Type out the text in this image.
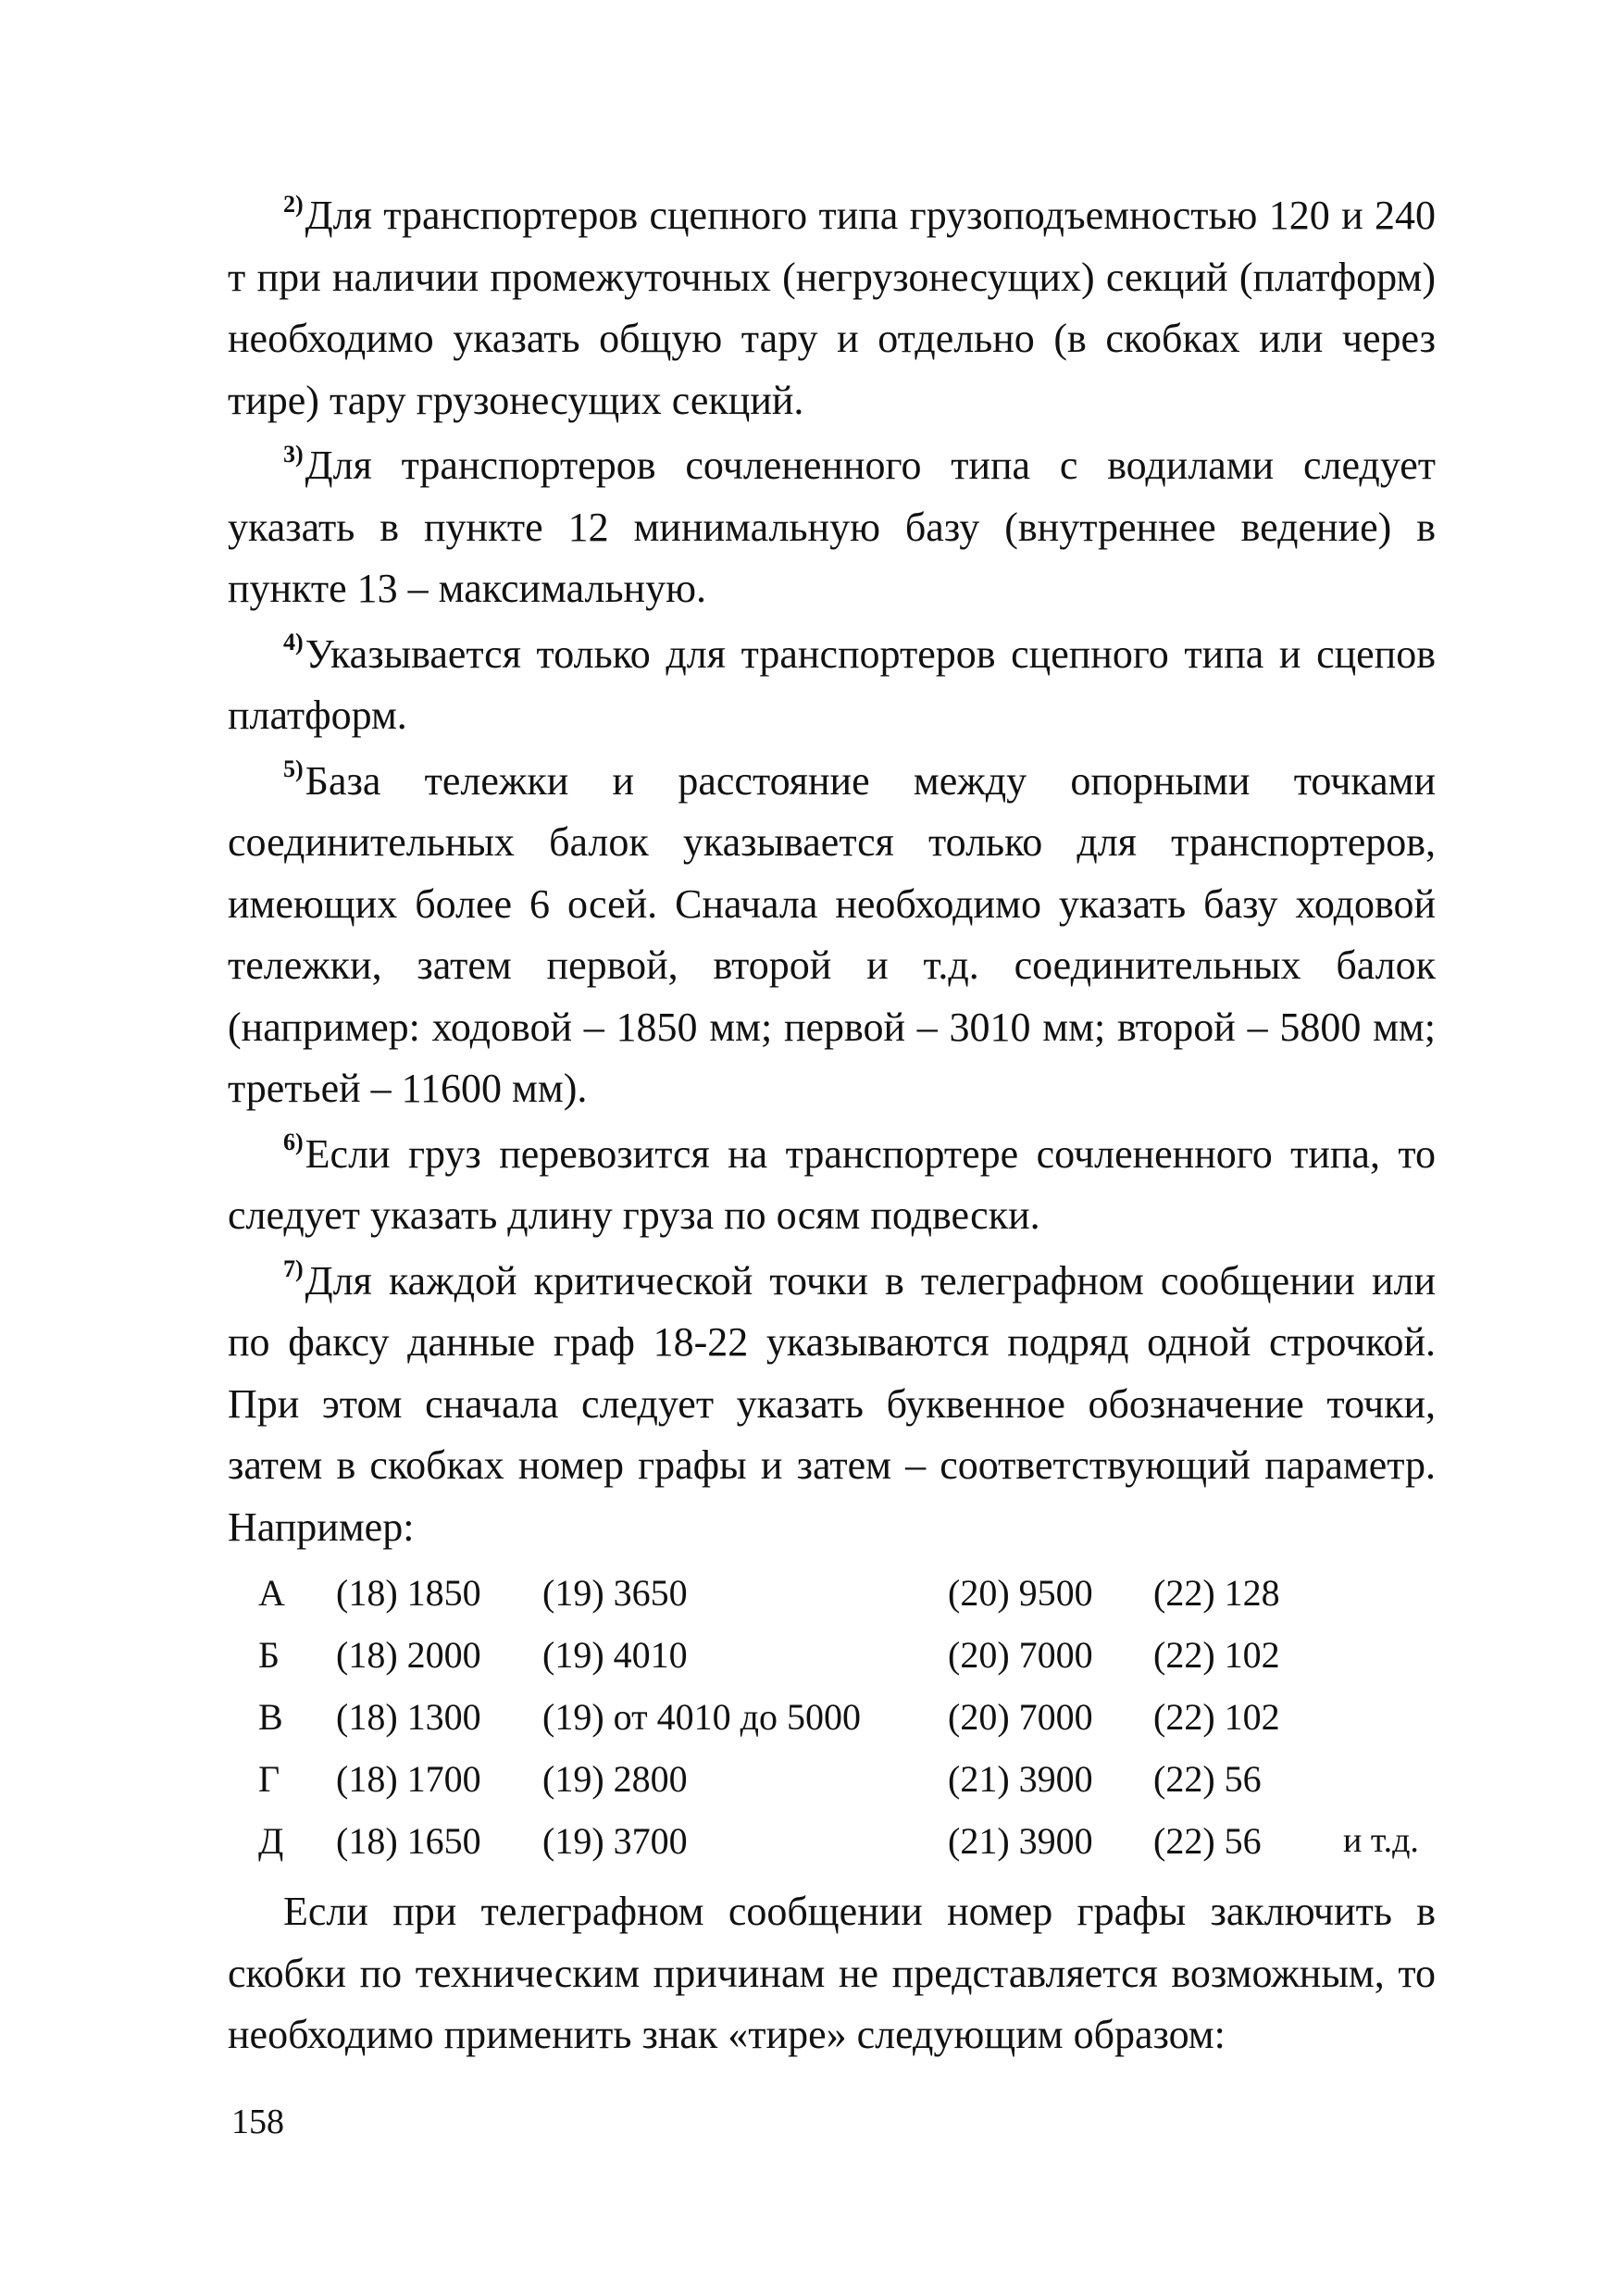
$^{2)}$Для транспортеров сцепного типа грузоподъемностью 120 и 240 т при наличии промежуточных (негрузонесущих) секций (платформ) необходимо указать общую тару и отдельно (в скобках или через тире) тару грузонесущих секций.

$^{3)}$Для транспортеров сочлененного типа с водилами следует указать в пункте 12 минимальную базу (внутреннее ведение) в пункте 13 – максимальную.

$^{4)}$Указывается только для транспортеров сцепного типа и сцепов платформ.

$^{5)}$База тележки и расстояние между опорными точками соединительных балок указывается только для транспортеров, имеющих более 6 осей. Сначала необходимо указать базу ходовой тележки, затем первой, второй и т.д. соединительных балок (например: ходовой – 1850 мм; первой – 3010 мм; второй – 5800 мм; третьей – 11600 мм).

$^{6)}$Если груз перевозится на транспортере сочлененного типа, то следует указать длину груза по осям подвески.

$^{7)}$Для каждой критической точки в телеграфном сообщении или по факсу данные граф 18-22 указываются подряд одной строчкой. При этом сначала следует указать буквенное обозначение точки, затем в скобках номер графы и затем – соответствующий параметр. Например:

А (18) 1850 (19) 3650	(20) 9500 (22) 128
Б (18) 2000 (19) 4010	(20) 7000 (22) 102
В (18) 1300 (19) от 4010 до 5000 (20) 7000 (22) 102
Г (18) 1700 (19) 2800	(21) 3900 (22) 56
Д (18) 1650 (19) 3700	(21) 3900 (22) 56 и т.д.

Если при телеграфном сообщении номер графы заключить в скобки по техническим причинам не представляется возможным, то необходимо применить знак «тире» следующим образом:

158
